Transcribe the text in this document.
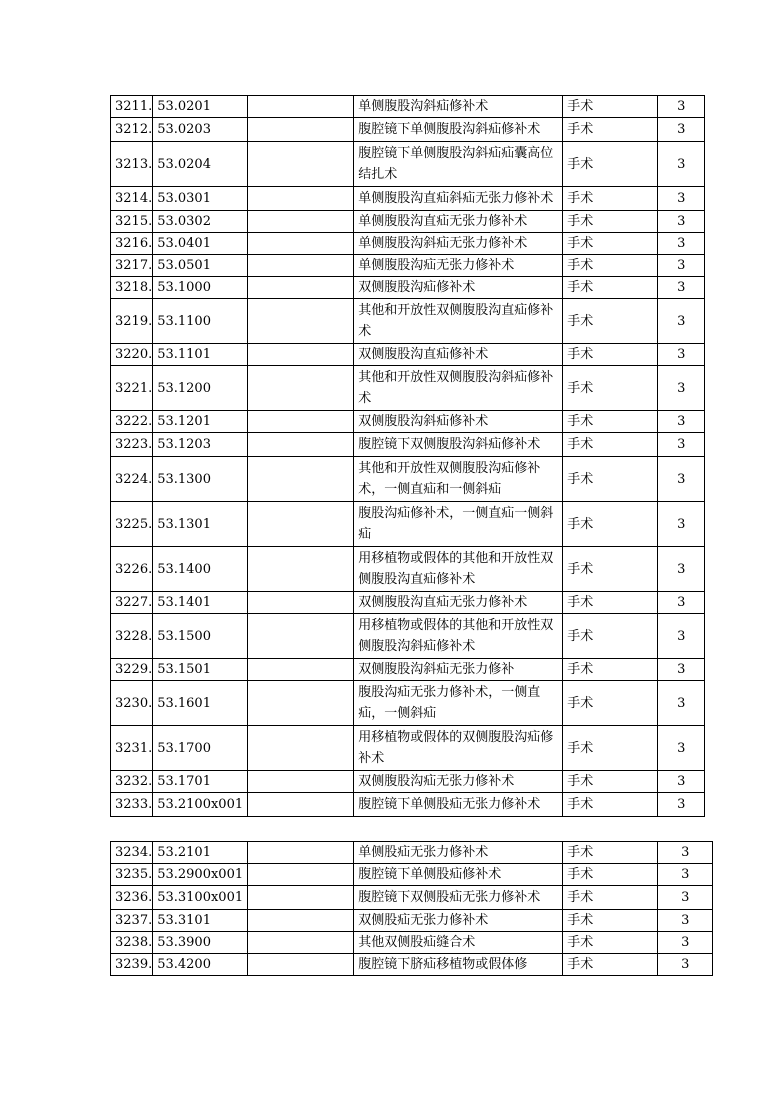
3211.	53.0201		单侧腹股沟斜疝修补术	手术	3
3212.	53.0203		腹腔镜下单侧腹股沟斜疝修补术	手术	3
3213.	53.0204		腹腔镜下单侧腹股沟斜疝疝囊高位结扎术	手术	3
3214.	53.0301		单侧腹股沟直疝斜疝无张力修补术	手术	3
3215.	53.0302		单侧腹股沟直疝无张力修补术	手术	3
3216.	53.0401		单侧腹股沟斜疝无张力修补术	手术	3
3217.	53.0501		单侧腹股沟疝无张力修补术	手术	3
3218.	53.1000		双侧腹股沟疝修补术	手术	3
3219.	53.1100		其他和开放性双侧腹股沟直疝修补术	手术	3
3220.	53.1101		双侧腹股沟直疝修补术	手术	3
3221.	53.1200		其他和开放性双侧腹股沟斜疝修补术	手术	3
3222.	53.1201		双侧腹股沟斜疝修补术	手术	3
3223.	53.1203		腹腔镜下双侧腹股沟斜疝修补术	手术	3
3224.	53.1300		其他和开放性双侧腹股沟疝修补术，一侧直疝和一侧斜疝	手术	3
3225.	53.1301		腹股沟疝修补术，一侧直疝一侧斜疝	手术	3
3226.	53.1400		用移植物或假体的其他和开放性双侧腹股沟直疝修补术	手术	3
3227.	53.1401		双侧腹股沟直疝无张力修补术	手术	3
3228.	53.1500		用移植物或假体的其他和开放性双侧腹股沟斜疝修补术	手术	3
3229.	53.1501		双侧腹股沟斜疝无张力修补	手术	3
3230.	53.1601		腹股沟疝无张力修补术，一侧直疝，一侧斜疝	手术	3
3231.	53.1700		用移植物或假体的双侧腹股沟疝修补术	手术	3
3232.	53.1701		双侧腹股沟疝无张力修补术	手术	3
3233.	53.2100x001		腹腔镜下单侧股疝无张力修补术	手术	3
3234.	53.2101		单侧股疝无张力修补术	手术	3
3235.	53.2900x001		腹腔镜下单侧股疝修补术	手术	3
3236.	53.3100x001		腹腔镜下双侧股疝无张力修补术	手术	3
3237.	53.3101		双侧股疝无张力修补术	手术	3
3238.	53.3900		其他双侧股疝缝合术	手术	3
3239.	53.4200		腹腔镜下脐疝移植物或假体修	手术	3
